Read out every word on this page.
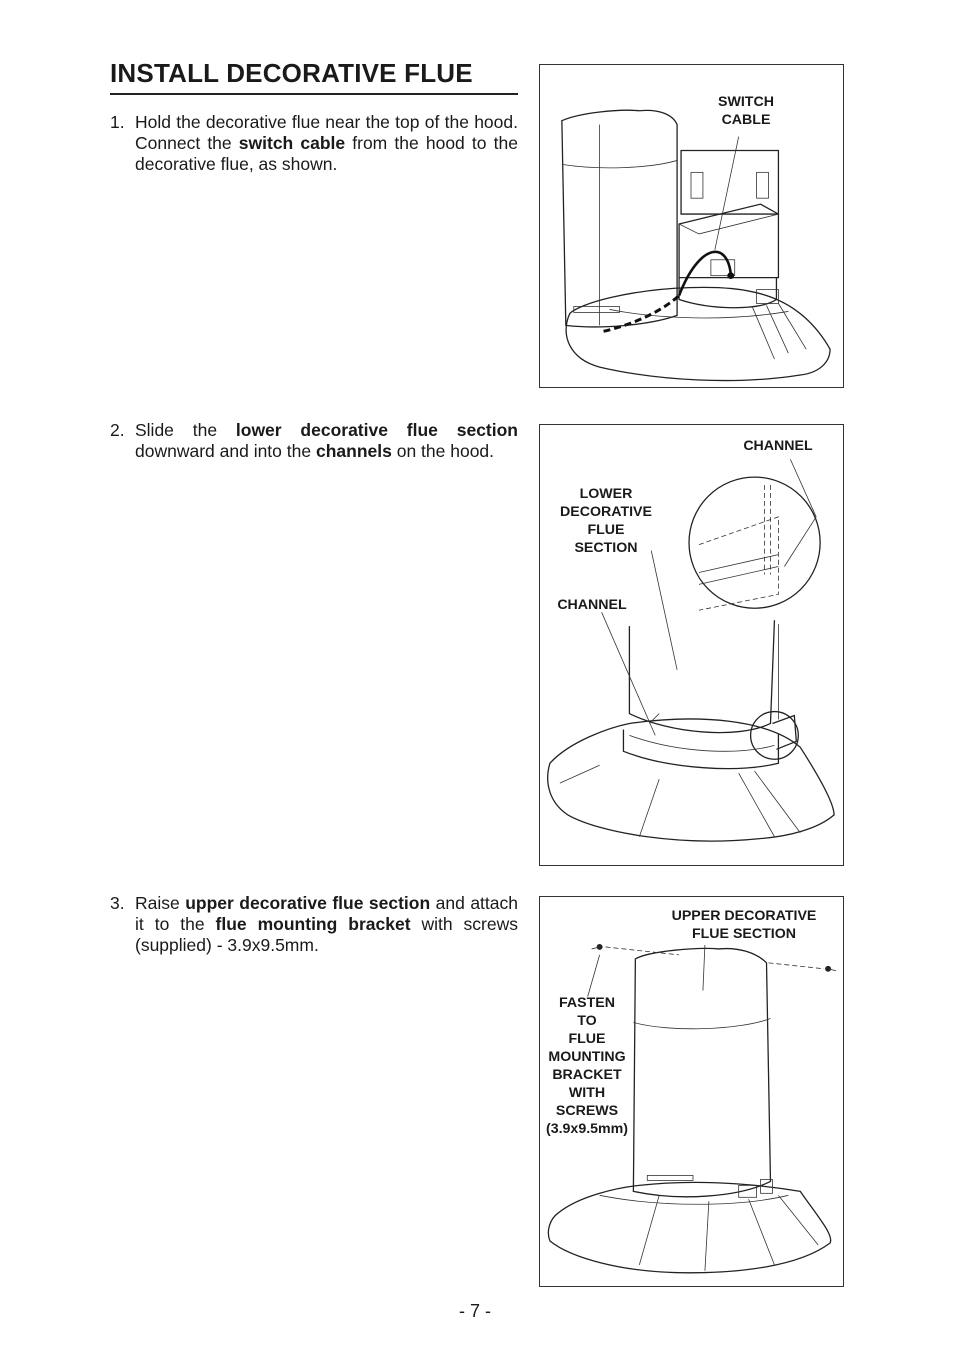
INSTALL DECORATIVE FLUE
1. Hold the decorative flue near the top of the hood. Connect the switch cable from the hood to the decorative flue, as shown.
2. Slide the lower decorative flue section downward and into the channels on the hood.
3. Raise upper decorative flue section and attach it to the flue mounting bracket with screws (supplied) - 3.9x9.5mm.
SWITCH
CABLE
CHANNEL
LOWER
DECORATIVE
FLUE
SECTION
CHANNEL
UPPER DECORATIVE
FLUE SECTION
FASTEN
TO
FLUE
MOUNTING
BRACKET
WITH
SCREWS
(3.9x9.5mm)
- 7 -
